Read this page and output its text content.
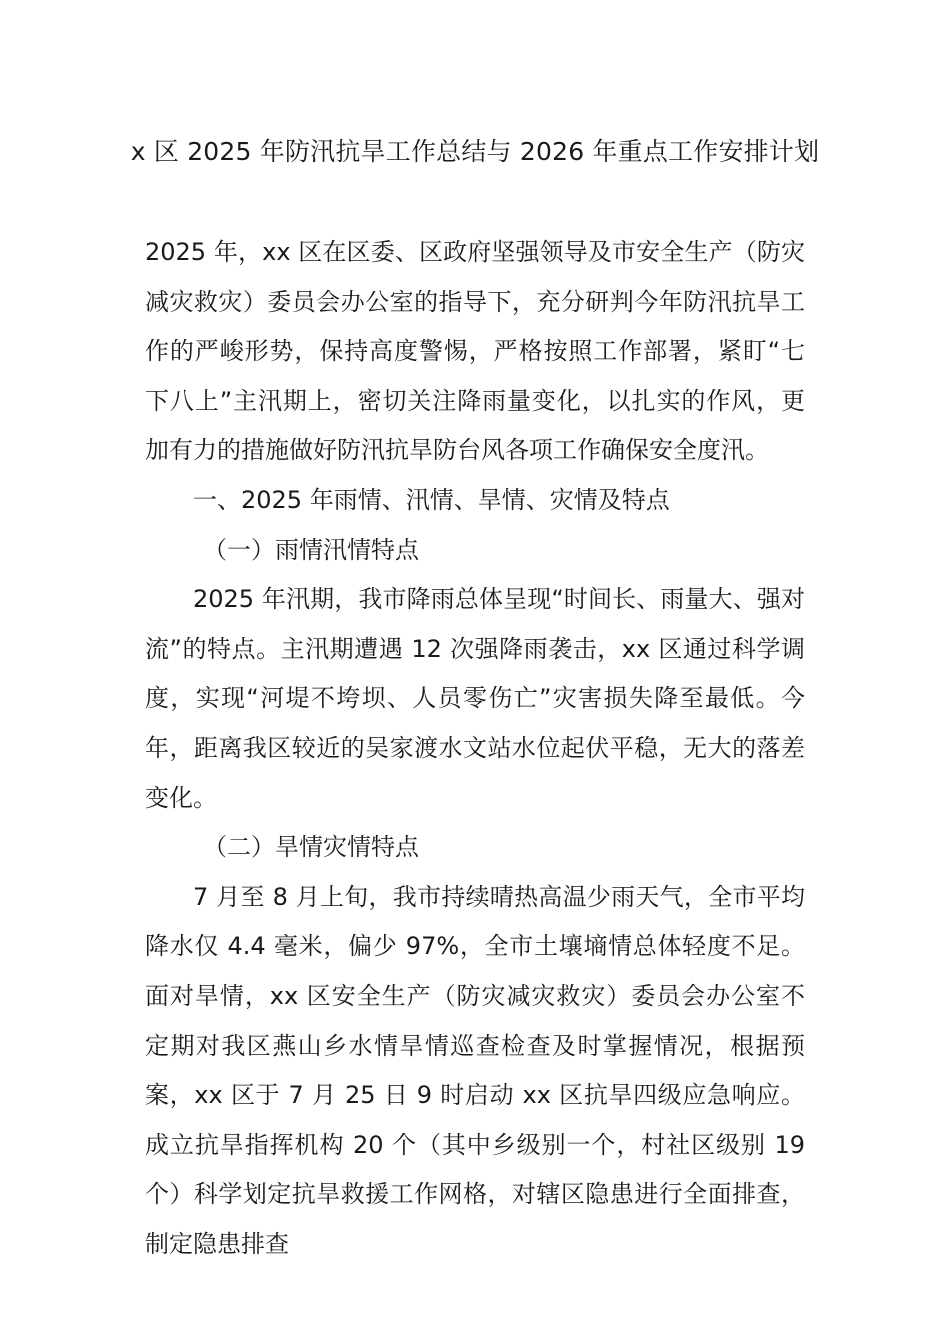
x 区 2025 年防汛抗旱工作总结与 2026 年重点工作安排计划

2025 年，xx 区在区委、区政府坚强领导及市安全生产（防灾减灾救灾）委员会办公室的指导下，充分研判今年防汛抗旱工作的严峻形势，保持高度警惕，严格按照工作部署，紧盯“七下八上”主汛期上，密切关注降雨量变化，以扎实的作风，更加有力的措施做好防汛抗旱防台风各项工作确保安全度汛。

一、2025 年雨情、汛情、旱情、灾情及特点

（一）雨情汛情特点

2025 年汛期，我市降雨总体呈现“时间长、雨量大、强对流”的特点。主汛期遭遇 12 次强降雨袭击，xx 区通过科学调度，实现“河堤不垮坝、人员零伤亡”灾害损失降至最低。今年，距离我区较近的吴家渡水文站水位起伏平稳，无大的落差变化。

（二）旱情灾情特点

7 月至 8 月上旬，我市持续晴热高温少雨天气，全市平均降水仅 4.4 毫米，偏少 97%，全市土壤墒情总体轻度不足。面对旱情，xx 区安全生产（防灾减灾救灾）委员会办公室不定期对我区燕山乡水情旱情巡查检查及时掌握情况，根据预案，xx 区于 7 月 25 日 9 时启动 xx 区抗旱四级应急响应。成立抗旱指挥机构 20 个（其中乡级别一个，村社区级别 19 个）科学划定抗旱救援工作网格，对辖区隐患进行全面排查，制定隐患排查
